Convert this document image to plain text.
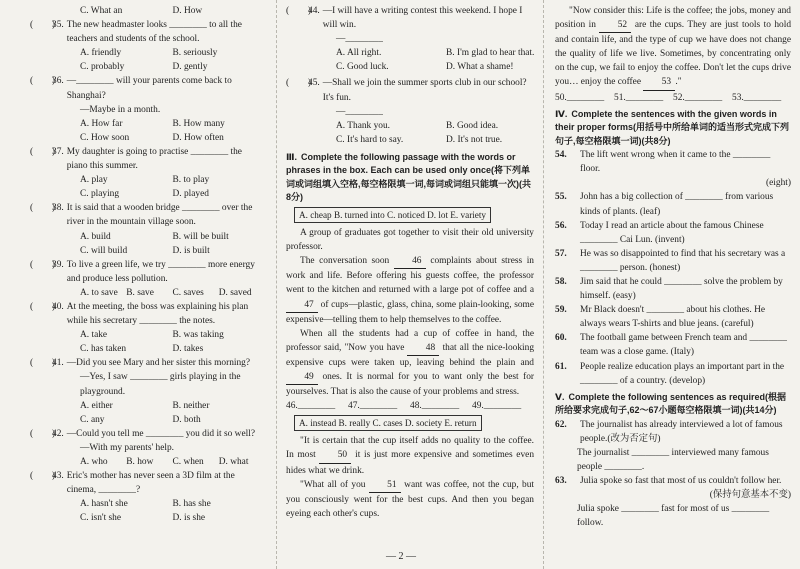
C. What an	D. How
(　　)
35. The new headmaster looks ________ to all the teachers and students of the school.
A. friendly	B. seriously
C. probably	D. gently
(　　)
36. —________ will your parents come back to Shanghai?
—Maybe in a month.
A. How far	B. How many
C. How soon	D. How often
(　　)
37. My daughter is going to practise ________ the piano this summer.
A. play	B. to play
C. playing	D. played
(　　)
38. It is said that a wooden bridge ________ over the river in the mountain village soon.
A. build	B. will be built
C. will build	D. is built
(　　)
39. To live a green life, we try ________ more energy and produce less pollution.
A. to save B. save	C. saves	D. saved
(　　)
40. At the meeting, the boss was explaining his plan while his secretary ________ the notes.
A. take	B. was taking
C. has taken	D. takes
(　　)
41. —Did you see Mary and her sister this morning?
—Yes, I saw ________ girls playing in the playground.
A. either	B. neither
C. any	D. both
(　　)
42. —Could you tell me ________ you did it so well?
—With my parents' help.
A. who	B. how	C. when	D. what
(　　)
43. Eric's mother has never seen a 3D film at the cinema, ________?
A. hasn't she	B. has she
C. isn't she	D. is she
(　　)
44. —I will have a writing contest this weekend. I hope I will win.
—________
A. All right.	B. I'm glad to hear that.
C. Good luck.	D. What a shame!
(　　)
45. —Shall we join the summer sports club in our school? It's fun.
—________
A. Thank you.	B. Good idea.
C. It's hard to say.	D. It's not true.
Ⅲ. Complete the following passage with the words or phrases in the box. Each can be used only once(将下列单词或词组填入空格,每空格限填一词,每词或词组只能填一次)(共8分)
A. cheap B. turned into C. noticed D. lot E. variety
A group of graduates got together to visit their old university professor.
The conversation soon 46 complaints about stress in work and life. Before offering his guests coffee, the professor went to the kitchen and returned with a large pot of coffee and a 47 of cups—plastic, glass, china, some plain-looking, some expensive—telling them to help themselves to the coffee.
When all the students had a cup of coffee in hand, the professor said, "Now you have 48 that all the nice-looking expensive cups were taken up, leaving behind the plain and 49 ones. It is normal for you to want only the best for yourselves. That is also the cause of your problems and stress.
46.________	47.________	48.________	49.________
A. instead B. really C. cases D. society E. return
"It is certain that the cup itself adds no quality to the coffee. In most 50 it is just more expensive and sometimes even hides what we drink.
"What all of you 51 want was coffee, not the cup, but you consciously went for the best cups. And then you began eyeing each other's cups.
"Now consider this: Life is the coffee; the jobs, money and position in 52 are the cups. They are just tools to hold and contain life, and the type of cup we have does not change the quality of life we live. Sometimes, by concentrating only on the cup, we fail to enjoy the coffee. Don't let the cups drive you… enjoy the coffee 53 ."
50.________	51.________	52.________	53.________
Ⅳ. Complete the sentences with the given words in their proper forms(用括号中所给单词的适当形式完成下列句子,每空格限填一词)(共8分)
54.	The lift went wrong when it came to the ________ floor.
(eight)
55.	John has a big collection of ________ from various kinds of plants. (leaf)
56.	Today I read an article about the famous Chinese ________ Cai Lun. (invent)
57.	He was so disappointed to find that his secretary was a ________ person. (honest)
58.	Jim said that he could ________ solve the problem by himself. (easy)
59.	Mr Black doesn't ________ about his clothes. He always wears T-shirts and blue jeans. (careful)
60.	The football game between French team and ________ team was a close game. (Italy)
61.	People realize education plays an important part in the ________ of a country. (develop)
Ⅴ. Complete the following sentences as required(根据所给要求完成句子,62～67小题每空格限填一词)(共14分)
62.	The journalist has already interviewed a lot of famous people.(改为否定句)
The journalist ________ interviewed many famous people ________.
63.	Julia spoke so fast that most of us couldn't follow her.
(保持句意基本不变)
Julia spoke ________ fast for most of us ________ follow.
— 2 —
